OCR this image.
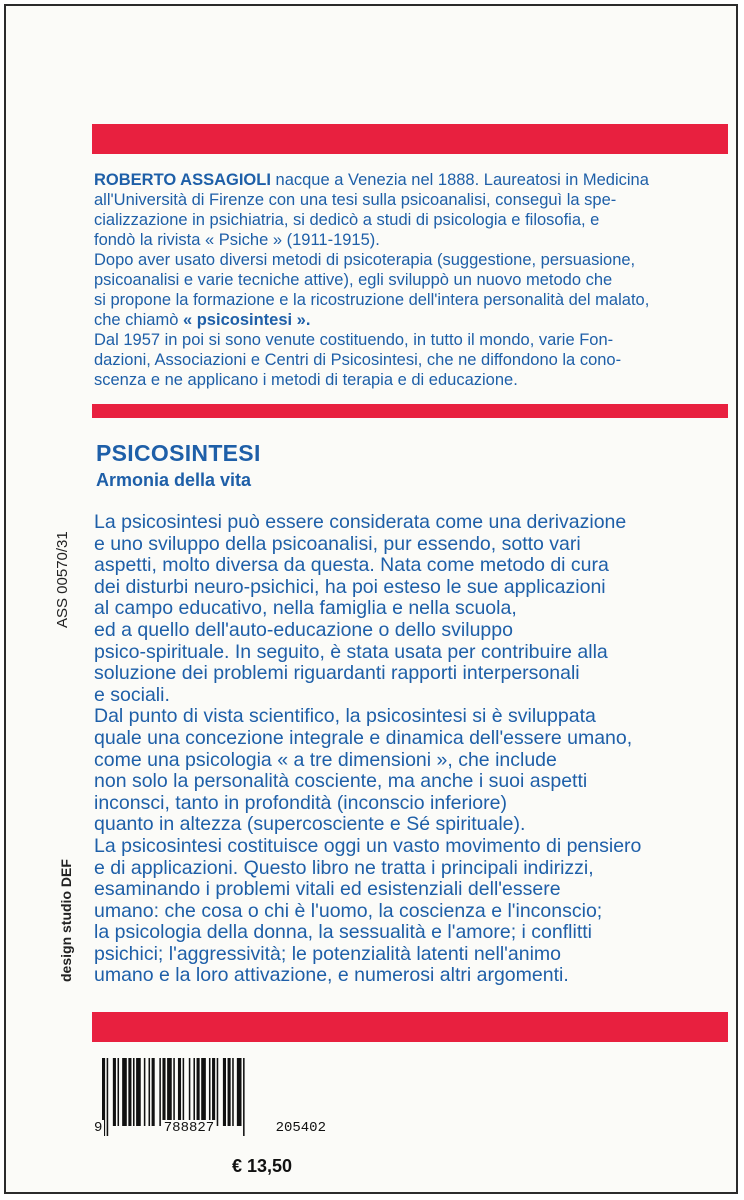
ROBERTO ASSAGIOLI nacque a Venezia nel 1888. Laureatosi in Medicina

all'Università di Firenze con una tesi sulla psicoanalisi, conseguì la spe-

cializzazione in psichiatria, si dedicò a studi di psicologia e filosofia, e

fondò la rivista « Psiche » (1911-1915).

Dopo aver usato diversi metodi di psicoterapia (suggestione, persuasione,

psicoanalisi e varie tecniche attive), egli sviluppò un nuovo metodo che

si propone la formazione e la ricostruzione dell'intera personalità del malato,

che chiamò « psicosintesi ».

Dal 1957 in poi si sono venute costituendo, in tutto il mondo, varie Fon-

dazioni, Associazioni e Centri di Psicosintesi, che ne diffondono la cono-

scenza e ne applicano i metodi di terapia e di educazione.

PSICOSINTESI
Armonia della vita
La psicosintesi può essere considerata come una derivazione
e uno sviluppo della psicoanalisi, pur essendo, sotto vari
aspetti, molto diversa da questa. Nata come metodo di cura
dei disturbi neuro-psichici, ha poi esteso le sue applicazioni
al campo educativo, nella famiglia e nella scuola,
ed a quello dell'auto-educazione o dello sviluppo
psico-spirituale. In seguito, è stata usata per contribuire alla
soluzione dei problemi riguardanti rapporti interpersonali
e sociali.
Dal punto di vista scientifico, la psicosintesi si è sviluppata
quale una concezione integrale e dinamica dell'essere umano,
come una psicologia « a tre dimensioni », che include
non solo la personalità cosciente, ma anche i suoi aspetti
inconsci, tanto in profondità (inconscio inferiore)
quanto in altezza (supercosciente e Sé spirituale).
La psicosintesi costituisce oggi un vasto movimento di pensiero
e di applicazioni. Questo libro ne tratta i principali indirizzi,
esaminando i problemi vitali ed esistenziali dell'essere
umano: che cosa o chi è l'uomo, la coscienza e l'inconscio;
la psicologia della donna, la sessualità e l'amore; i conflitti
psichici; l'aggressività; le potenzialità latenti nell'animo
umano e la loro attivazione, e numerosi altri argomenti.
ASS 00570/31
design studio DEF
9	788827	205402
€ 13,50
